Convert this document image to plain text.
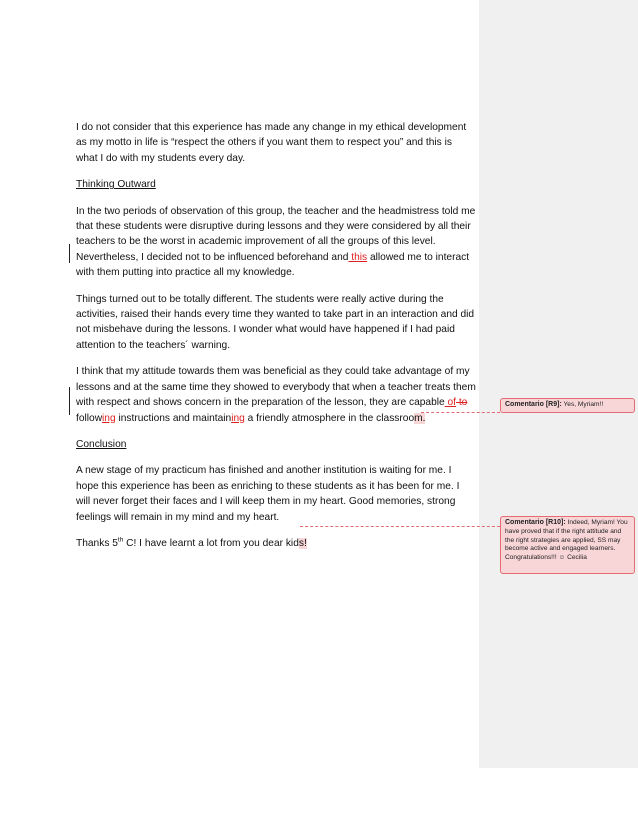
I do not consider that this experience has made any change in my ethical development as my motto in life is “respect the others if you want them to respect you” and this is what I do with my students every day.

Thinking Outward

In the two periods of observation of this group, the teacher and the headmistress told me that these students were disruptive during lessons and they were considered by all their teachers to be the worst in academic improvement of all the groups of this level. Nevertheless, I decided not to be influenced beforehand and this allowed me to interact with them putting into practice all my knowledge.

Things turned out to be totally different. The students were really active during the activities, raised their hands every time they wanted to take part in an interaction and did not misbehave during the lessons. I wonder what would have happened if I had paid attention to the teachers´ warning.

I think that my attitude towards them was beneficial as they could take advantage of my lessons and at the same time they showed to everybody that when a teacher treats them with respect and shows concern in the preparation of the lesson, they are capable of to following instructions and maintaining a friendly atmosphere in the classroom.

Conclusion

A new stage of my practicum has finished and another institution is waiting for me. I hope this experience has been as enriching to these students as it has been for me. I will never forget their faces and I will keep them in my heart. Good memories, strong feelings will remain in my mind and my heart.

Thanks 5th C! I have learnt a lot from you dear kids!

Comentario [R9]: Yes, Myriam!!
Comentario [R10]: Indeed, Myriam! You have proved that if the right attitude and the right strategies are applied, SS may become active and engaged learners. Congratulations!!! ☺ Cecilia
